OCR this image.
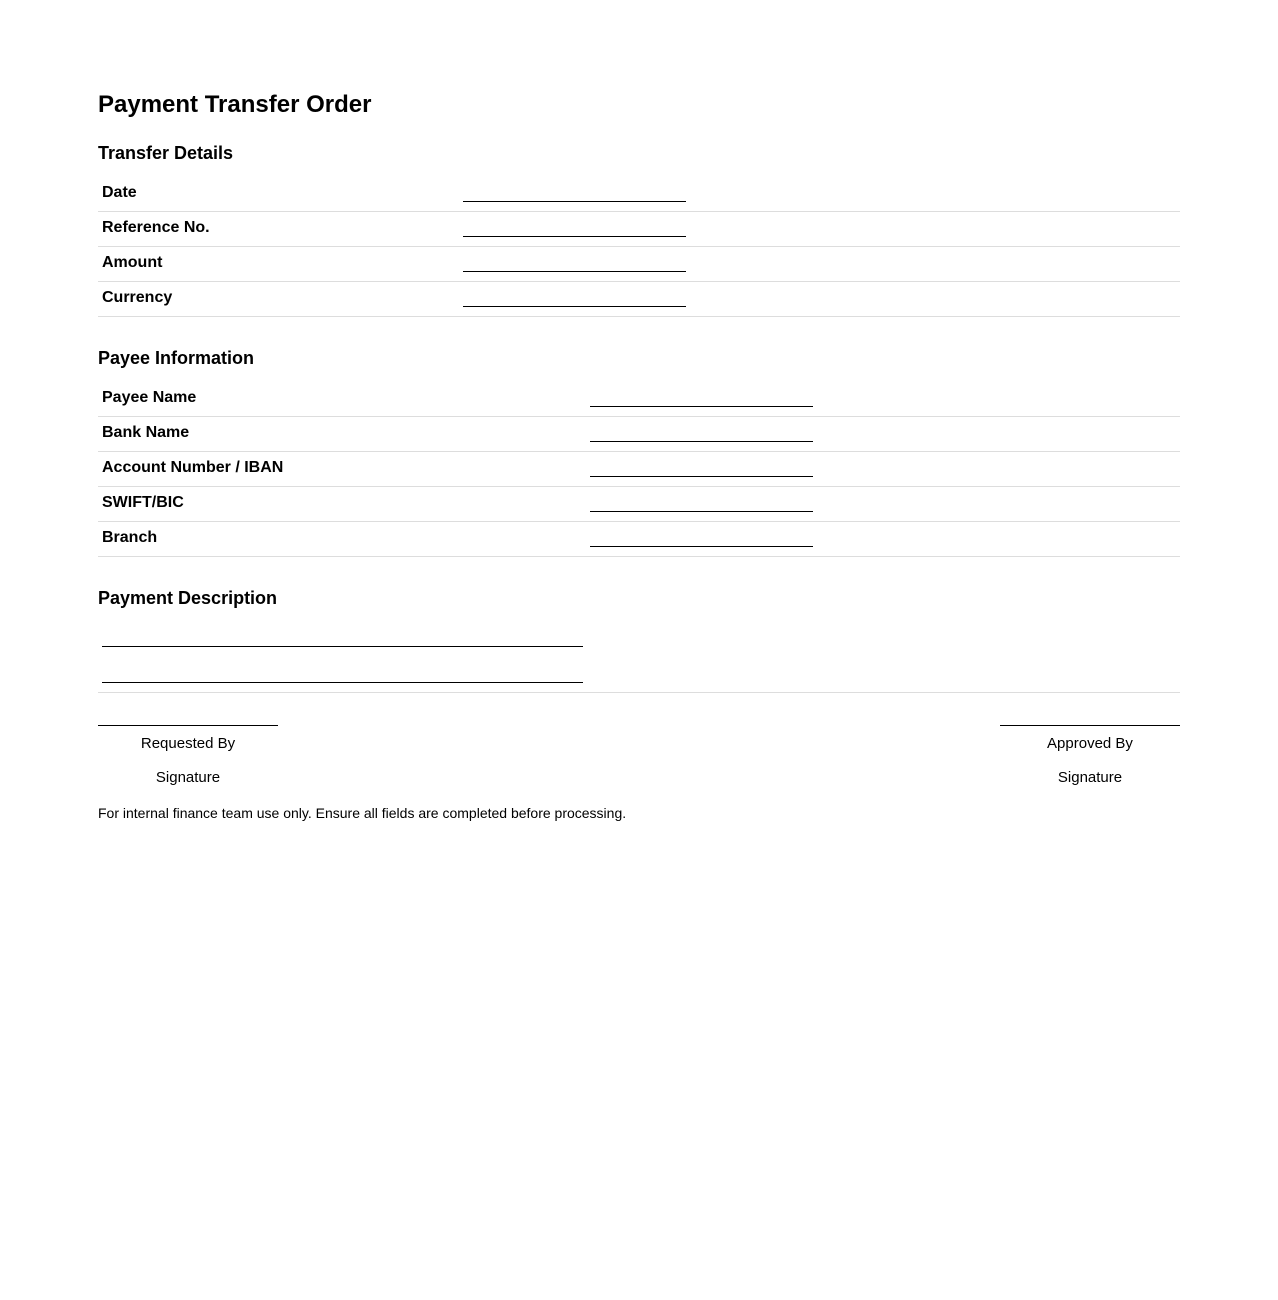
Payment Transfer Order
Transfer Details
Date
Reference No.
Amount
Currency
Payee Information
Payee Name
Bank Name
Account Number / IBAN
SWIFT/BIC
Branch
Payment Description
Requested By
Signature
Approved By
Signature

For internal finance team use only. Ensure all fields are completed before processing.
